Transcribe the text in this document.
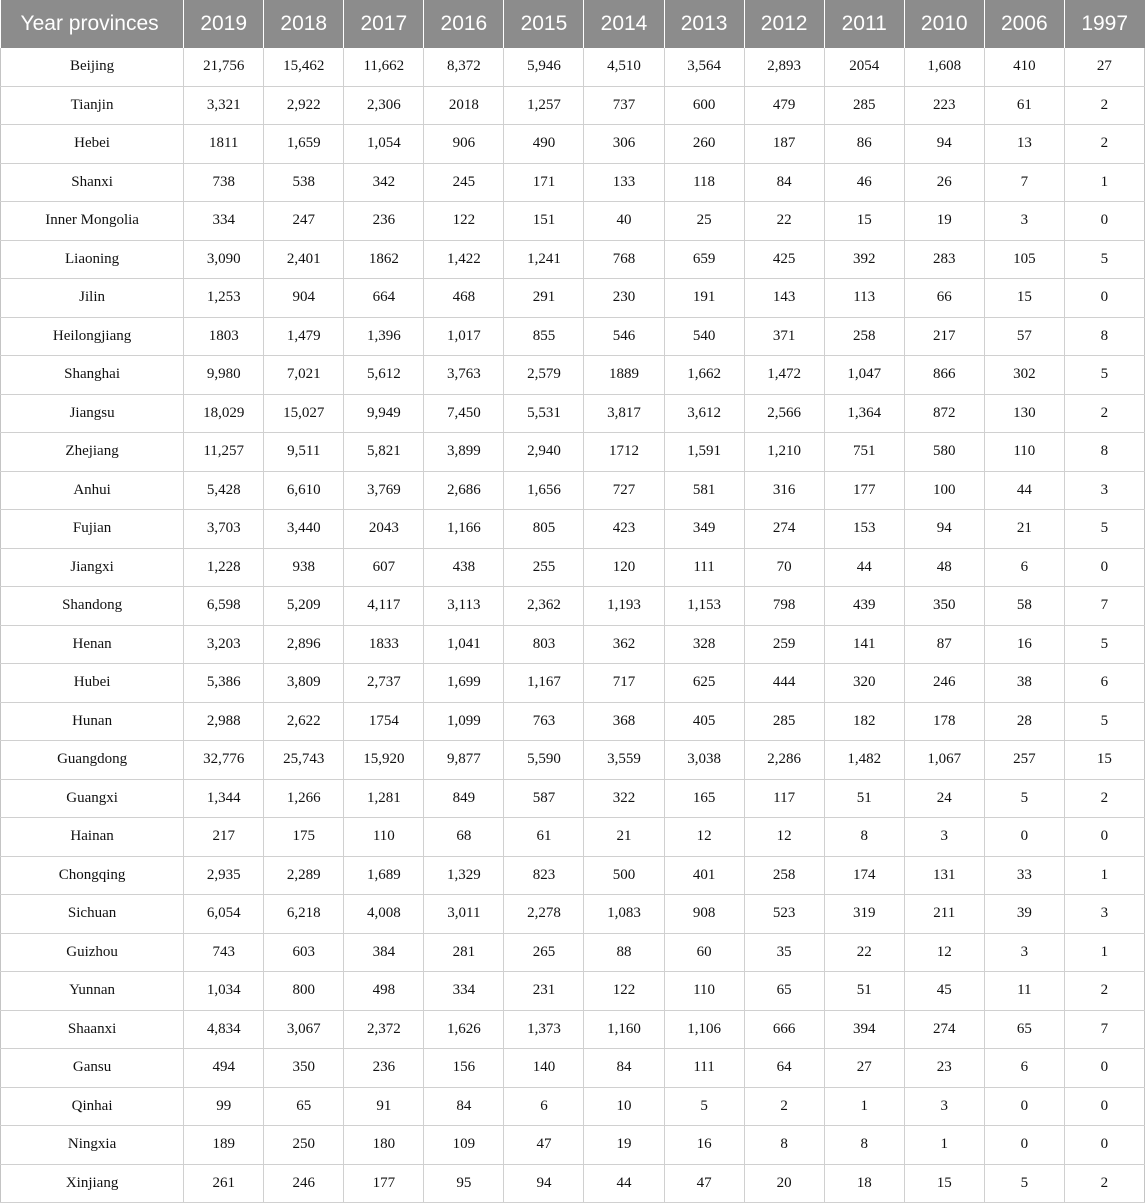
Year provinces	2019	2018	2017	2016	2015	2014	2013	2012	2011	2010	2006	1997
Beijing	21,756	15,462	11,662	8,372	5,946	4,510	3,564	2,893	2054	1,608	410	27
Tianjin	3,321	2,922	2,306	2018	1,257	737	600	479	285	223	61	2
Hebei	1811	1,659	1,054	906	490	306	260	187	86	94	13	2
Shanxi	738	538	342	245	171	133	118	84	46	26	7	1
Inner Mongolia	334	247	236	122	151	40	25	22	15	19	3	0
Liaoning	3,090	2,401	1862	1,422	1,241	768	659	425	392	283	105	5
Jilin	1,253	904	664	468	291	230	191	143	113	66	15	0
Heilongjiang	1803	1,479	1,396	1,017	855	546	540	371	258	217	57	8
Shanghai	9,980	7,021	5,612	3,763	2,579	1889	1,662	1,472	1,047	866	302	5
Jiangsu	18,029	15,027	9,949	7,450	5,531	3,817	3,612	2,566	1,364	872	130	2
Zhejiang	11,257	9,511	5,821	3,899	2,940	1712	1,591	1,210	751	580	110	8
Anhui	5,428	6,610	3,769	2,686	1,656	727	581	316	177	100	44	3
Fujian	3,703	3,440	2043	1,166	805	423	349	274	153	94	21	5
Jiangxi	1,228	938	607	438	255	120	111	70	44	48	6	0
Shandong	6,598	5,209	4,117	3,113	2,362	1,193	1,153	798	439	350	58	7
Henan	3,203	2,896	1833	1,041	803	362	328	259	141	87	16	5
Hubei	5,386	3,809	2,737	1,699	1,167	717	625	444	320	246	38	6
Hunan	2,988	2,622	1754	1,099	763	368	405	285	182	178	28	5
Guangdong	32,776	25,743	15,920	9,877	5,590	3,559	3,038	2,286	1,482	1,067	257	15
Guangxi	1,344	1,266	1,281	849	587	322	165	117	51	24	5	2
Hainan	217	175	110	68	61	21	12	12	8	3	0	0
Chongqing	2,935	2,289	1,689	1,329	823	500	401	258	174	131	33	1
Sichuan	6,054	6,218	4,008	3,011	2,278	1,083	908	523	319	211	39	3
Guizhou	743	603	384	281	265	88	60	35	22	12	3	1
Yunnan	1,034	800	498	334	231	122	110	65	51	45	11	2
Shaanxi	4,834	3,067	2,372	1,626	1,373	1,160	1,106	666	394	274	65	7
Gansu	494	350	236	156	140	84	111	64	27	23	6	0
Qinhai	99	65	91	84	6	10	5	2	1	3	0	0
Ningxia	189	250	180	109	47	19	16	8	8	1	0	0
Xinjiang	261	246	177	95	94	44	47	20	18	15	5	2
